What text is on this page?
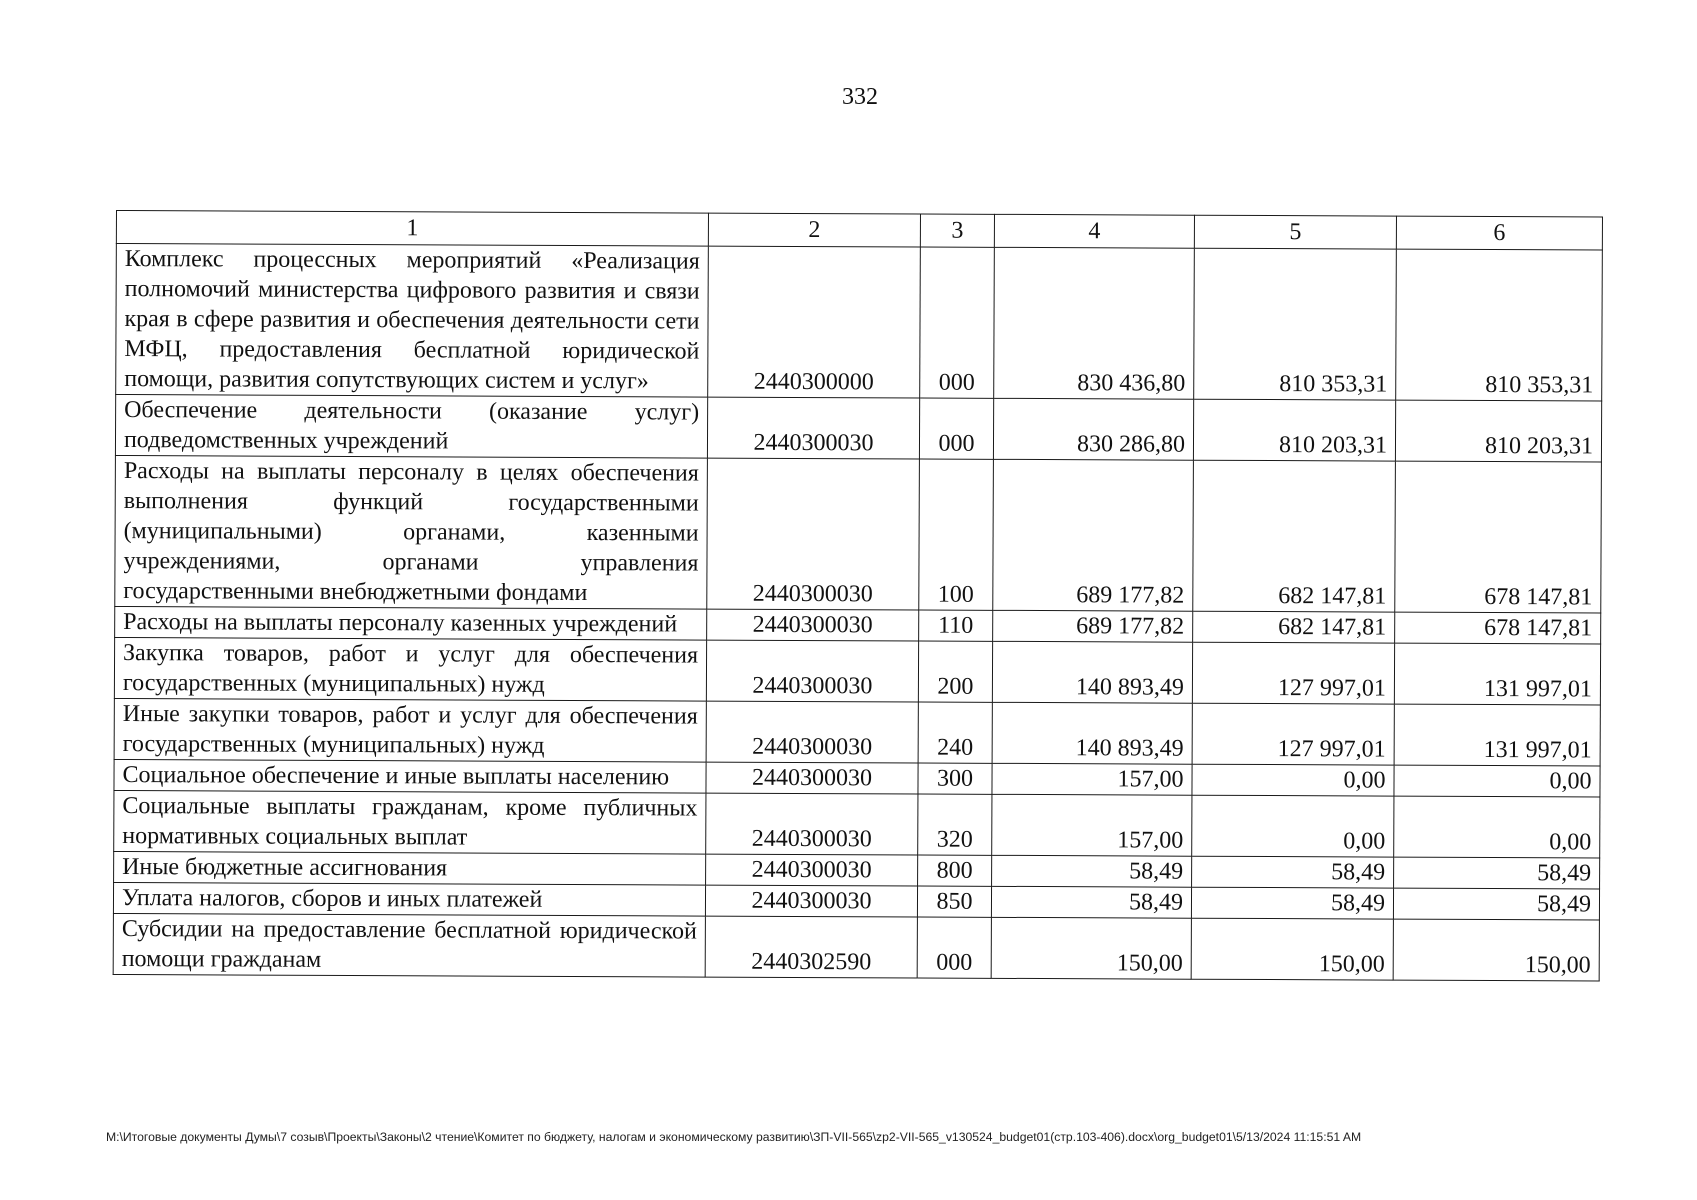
332
1	2	3	4	5	6
Комплекс процессных мероприятий «Реализация полномочий министерства цифрового развития и связи края в сфере развития и обеспечения деятельности сети МФЦ, предоставления бесплатной юридической помощи, развития сопутствующих систем и услуг»	2440300000	000	830 436,80	810 353,31	810 353,31
Обеспечение деятельности (оказание услуг) подведомственных учреждений	2440300030	000	830 286,80	810 203,31	810 203,31
Расходы на выплаты персоналу в целях обеспечения выполнения функций государственными (муниципальными) органами, казенными учреждениями, органами управления государственными внебюджетными фондами	2440300030	100	689 177,82	682 147,81	678 147,81
Расходы на выплаты персоналу казенных учреждений	2440300030	110	689 177,82	682 147,81	678 147,81
Закупка товаров, работ и услуг для обеспечения государственных (муниципальных) нужд	2440300030	200	140 893,49	127 997,01	131 997,01
Иные закупки товаров, работ и услуг для обеспечения государственных (муниципальных) нужд	2440300030	240	140 893,49	127 997,01	131 997,01
Социальное обеспечение и иные выплаты населению	2440300030	300	157,00	0,00	0,00
Социальные выплаты гражданам, кроме публичных нормативных социальных выплат	2440300030	320	157,00	0,00	0,00
Иные бюджетные ассигнования	2440300030	800	58,49	58,49	58,49
Уплата налогов, сборов и иных платежей	2440300030	850	58,49	58,49	58,49
Субсидии на предоставление бесплатной юридической помощи гражданам	2440302590	000	150,00	150,00	150,00
M:\Итоговые документы Думы\7 созыв\Проекты\Законы\2 чтение\Комитет по бюджету, налогам и экономическому развитию\ЗП-VII-565\zp2-VII-565_v130524_budget01(стр.103-406).docx\org_budget01\5/13/2024 11:15:51 AM
